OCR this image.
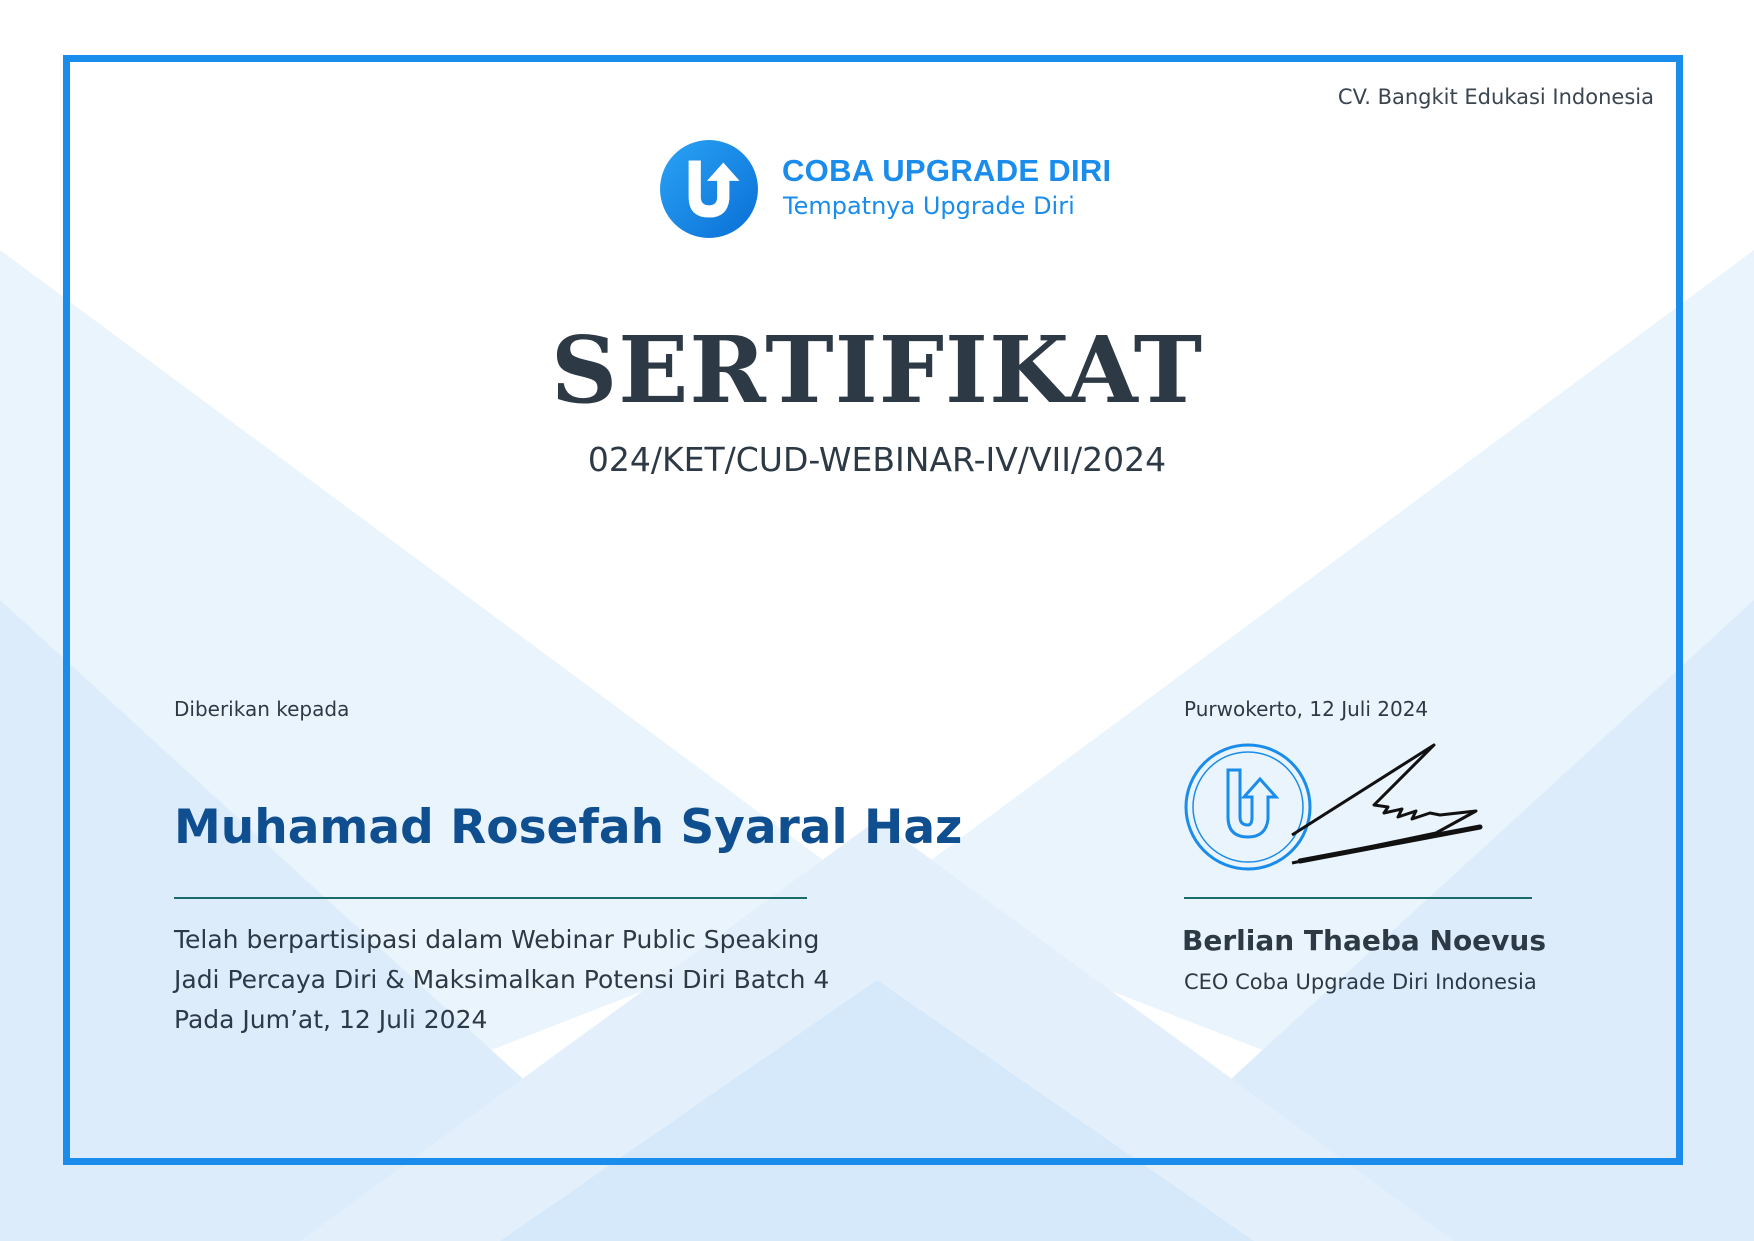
CV. Bangkit Edukasi Indonesia
COBA UPGRADE DIRI
Tempatnya Upgrade Diri
SERTIFIKAT
024/KET/CUD-WEBINAR-IV/VII/2024
Diberikan kepada
Muhamad Rosefah Syaral Haz
Telah berpartisipasi dalam Webinar Public Speaking
Jadi Percaya Diri & Maksimalkan Potensi Diri Batch 4
Pada Jum’at, 12 Juli 2024
Purwokerto, 12 Juli 2024
Berlian Thaeba Noevus
CEO Coba Upgrade Diri Indonesia
